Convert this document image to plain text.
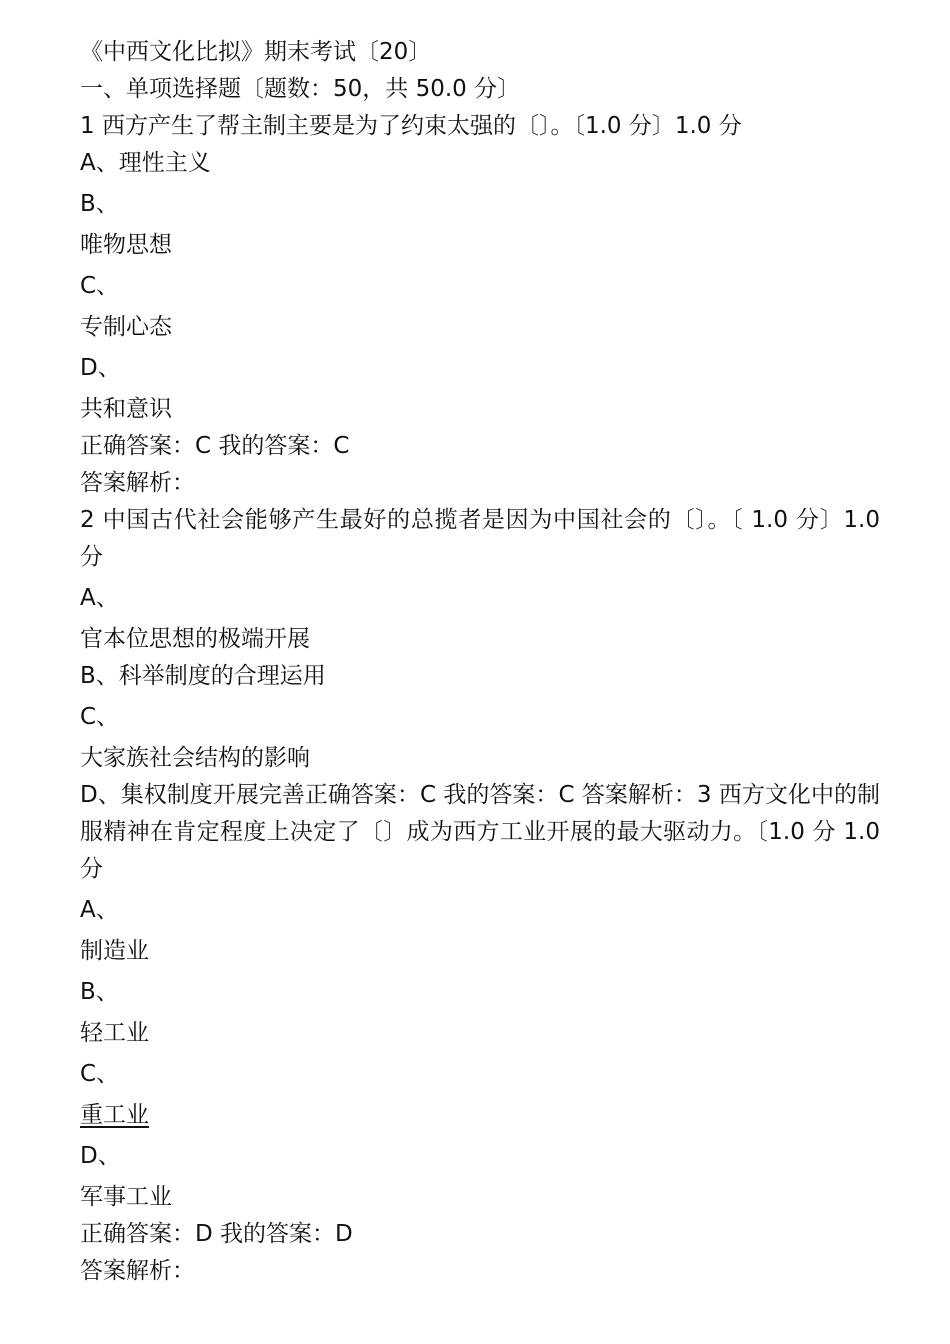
《中西文化比拟》期末考试〔20〕
一、单项选择题〔题数：50，共 50.0 分〕
1 西方产生了帮主制主要是为了约束太强的〔〕。〔1.0 分〕1.0 分
A、理性主义
B、
唯物思想
C、
专制心态
D、
共和意识
正确答案：C 我的答案：C
答案解析：
2 中国古代社会能够产生最好的总揽者是因为中国社会的〔〕。〔 1.0 分〕1.0 分
A、
官本位思想的极端开展
B、科举制度的合理运用
C、
大家族社会结构的影响
D、集权制度开展完善正确答案：C 我的答案：C 答案解析：3 西方文化中的制服精神在肯定程度上决定了〔〕成为西方工业开展的最大驱动力。〔1.0 分 1.0 分
A、
制造业
B、
轻工业
C、
重工业
D、
军事工业
正确答案：D 我的答案：D
答案解析：
